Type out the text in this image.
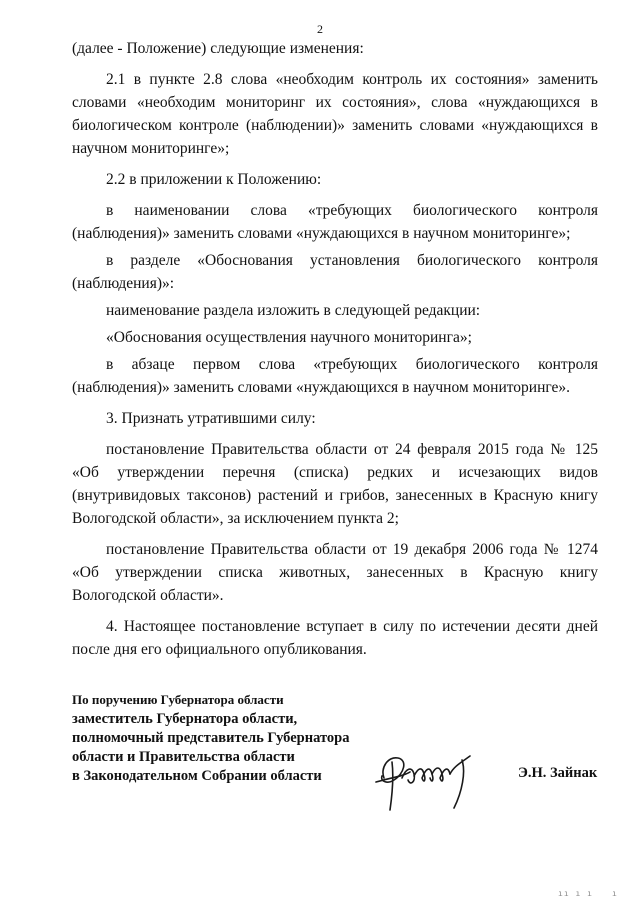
2

(далее - Положение) следующие изменения:

2.1 в пункте 2.8 слова «необходим контроль их состояния» заменить словами «необходим мониторинг их состояния», слова «нуждающихся в биологическом контроле (наблюдении)» заменить словами «нуждающихся в научном мониторинге»;

2.2 в приложении к Положению:

в наименовании слова «требующих биологического контроля (наблюдения)» заменить словами «нуждающихся в научном мониторинге»;

в разделе «Обоснования установления биологического контроля (наблюдения)»:

наименование раздела изложить в следующей редакции:

«Обоснования осуществления научного мониторинга»;

в абзаце первом слова «требующих биологического контроля (наблюдения)» заменить словами «нуждающихся в научном мониторинге».

3. Признать утратившими силу:

постановление Правительства области от 24 февраля 2015 года № 125 «Об утверждении перечня (списка) редких и исчезающих видов (внутривидовых таксонов) растений и грибов, занесенных в Красную книгу Вологодской области», за исключением пункта 2;

постановление Правительства области от 19 декабря 2006 года № 1274 «Об утверждении списка животных, занесенных в Красную книгу Вологодской области».

4. Настоящее постановление вступает в силу по истечении десяти дней после дня его официального опубликования.

По поручению Губернатора области

заместитель Губернатора области,

полномочный представитель Губернатора

области и Правительства области

в Законодательном Собрании области	Э.Н. Зайнак
ıı ı ı ı
